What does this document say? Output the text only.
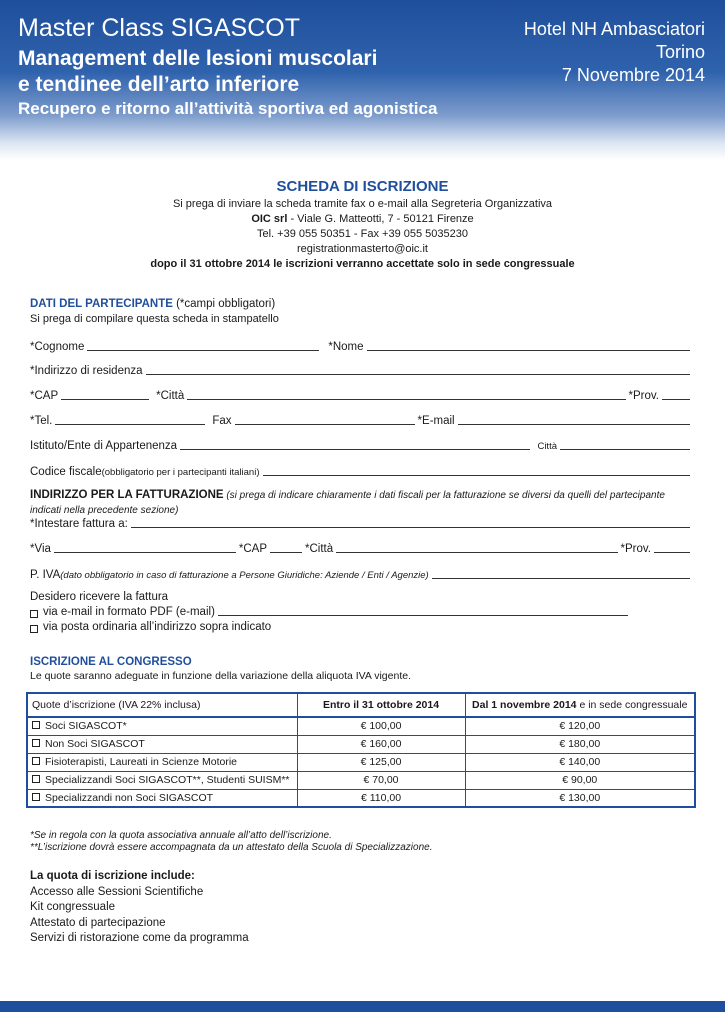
Master Class SIGASCOT
Management delle lesioni muscolari
e tendinee dell’arto inferiore
Recupero e ritorno all’attività sportiva ed agonistica
Hotel NH Ambasciatori
Torino
7 Novembre 2014
SCHEDA DI ISCRIZIONE
Si prega di inviare la scheda tramite fax o e-mail alla Segreteria Organizzativa
OIC srl - Viale G. Matteotti, 7 - 50121 Firenze
Tel. +39 055 50351 - Fax +39 055 5035230
registrationmasterto@oic.it
dopo il 31 ottobre 2014 le iscrizioni verranno accettate solo in sede congressuale
DATI DEL PARTECIPANTE (*campi obbligatori)
Si prega di compilare questa scheda in stampatello
*Cognome	*Nome
*Indirizzo di residenza
*CAP	*Città	*Prov.
*Tel.	Fax	*E-mail
Istituto/Ente di Appartenenza	Città
Codice fiscale (obbligatorio per i partecipanti italiani)
INDIRIZZO PER LA FATTURAZIONE (si prega di indicare chiaramente i dati fiscali per la fatturazione se diversi da quelli del partecipante indicati nella precedente sezione)
*Intestare fattura a:
*Via	*CAP	*Città	*Prov.
P. IVA (dato obbligatorio in caso di fatturazione a Persone Giuridiche: Aziende / Enti / Agenzie)
Desidero ricevere la fattura
via e-mail in formato PDF (e-mail)
via posta ordinaria all’indirizzo sopra indicato
ISCRIZIONE AL CONGRESSO
Le quote saranno adeguate in funzione della variazione della aliquota IVA vigente.
Quote d’iscrizione (IVA 22% inclusa)	Entro il 31 ottobre 2014	Dal 1 novembre 2014 e in sede congressuale
Soci SIGASCOT*	€ 100,00	€ 120,00
Non Soci SIGASCOT	€ 160,00	€ 180,00
Fisioterapisti, Laureati in Scienze Motorie	€ 125,00	€ 140,00
Specializzandi Soci SIGASCOT**, Studenti SUISM**	€ 70,00	€ 90,00
Specializzandi non Soci SIGASCOT	€ 110,00	€ 130,00
*Se in regola con la quota associativa annuale all’atto dell’iscrizione.
**L’iscrizione dovrà essere accompagnata da un attestato della Scuola di Specializzazione.
La quota di iscrizione include:
Accesso alle Sessioni Scientifiche
Kit congressuale
Attestato di partecipazione
Servizi di ristorazione come da programma
